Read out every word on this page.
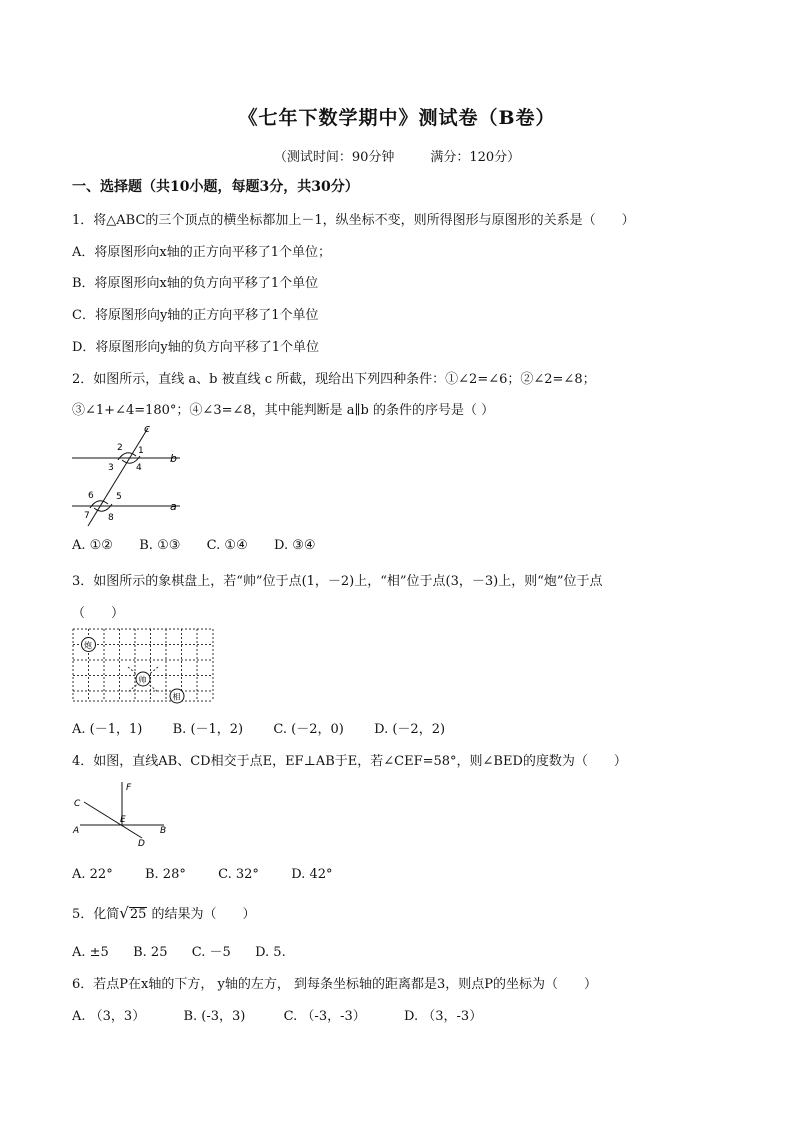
《七年下数学期中》测试卷（B卷）
（测试时间：90分钟	满分：120分）
一、选择题（共10小题，每题3分，共30分）
1．将△ABC的三个顶点的横坐标都加上－1，纵坐标不变，则所得图形与原图形的关系是（　　）
A．将原图形向x轴的正方向平移了1个单位；
B．将原图形向x轴的负方向平移了1个单位
C．将原图形向y轴的正方向平移了1个单位
D．将原图形向y轴的负方向平移了1个单位
2．如图所示，直线 a、b 被直线 c 所截，现给出下列四种条件：①∠2=∠6；②∠2=∠8；
③∠1+∠4=180°；④∠3=∠8，其中能判断是 a∥b 的条件的序号是（ ）
c
b
a
2 1
3 4
6 5
7 8
A. ①② B. ①③ C. ①④ D. ③④
3．如图所示的象棋盘上，若“帅”位于点(1，－2)上，“相”位于点(3，－3)上，则“炮”位于点
（　　）
炮
帅
相
A. (－1，1) B. (－1，2) C. (－2，0) D. (－2，2)
4．如图，直线AB、CD相交于点E，EF⊥AB于E，若∠CEF=58°，则∠BED的度数为（　　）
F
C
E
A	B
D
A. 22° B. 28° C. 32° D. 42°
5．化简√25 的结果为（　　）
A. ±5 B. 25 C. －5 D. 5.
6．若点P在x轴的下方， y轴的左方， 到每条坐标轴的距离都是3，则点P的坐标为（　　）
A. （3，3）	B. (-3，3)	C. （-3，-3）	D. （3，-3）
